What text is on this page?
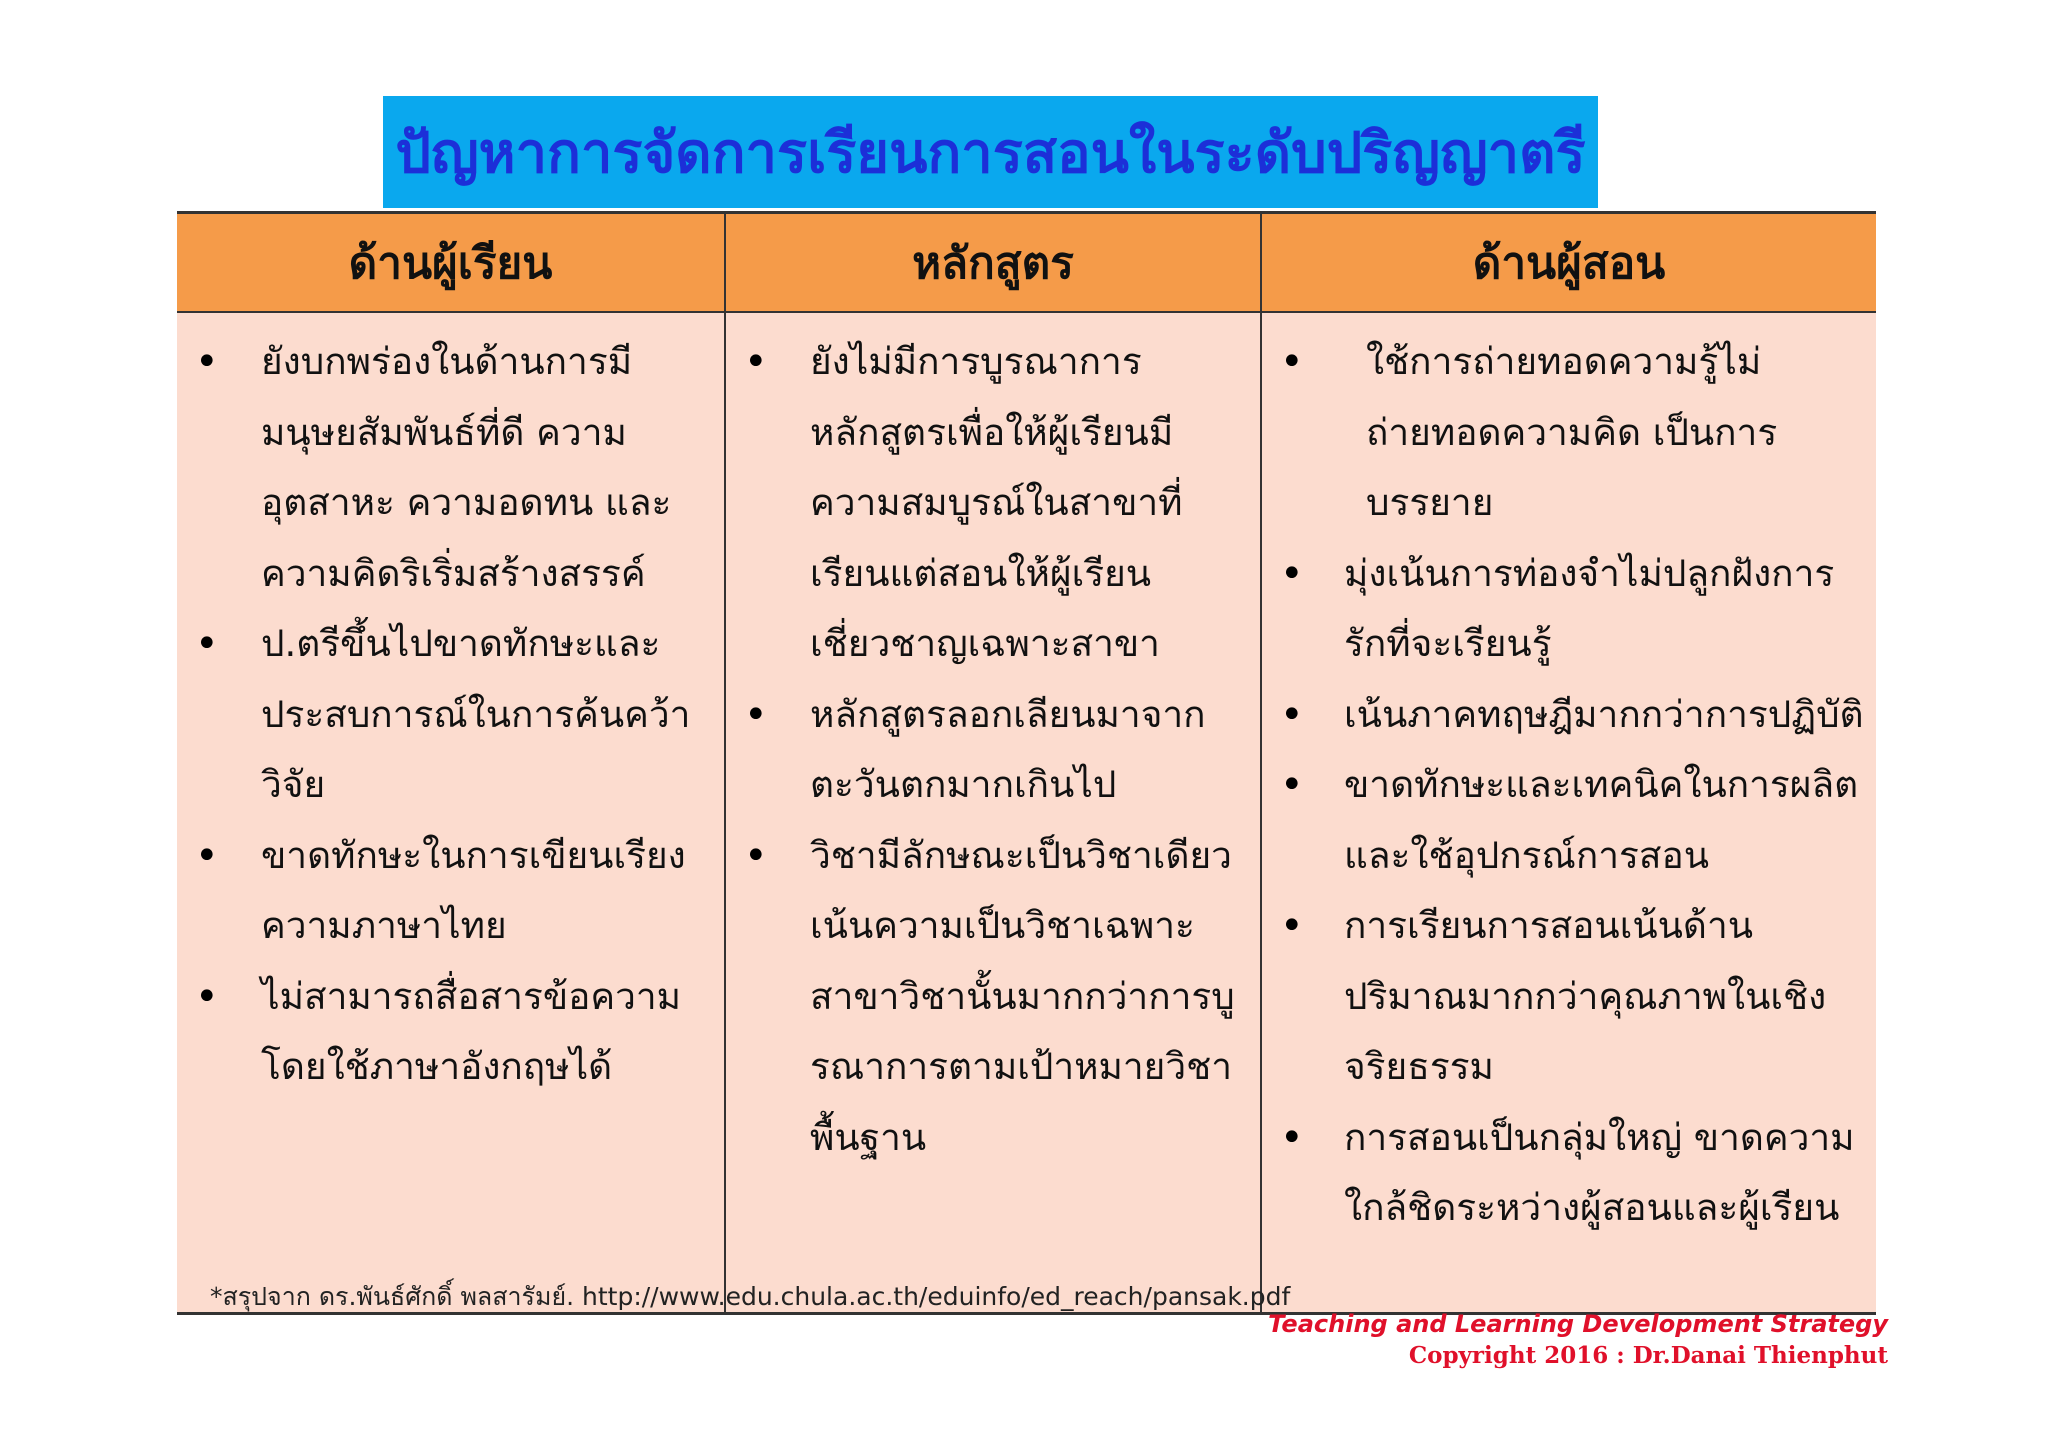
ปัญหาการจัดการเรียนการสอนในระดับปริญญาตรี
ด้านผู้เรียน
• ยังบกพร่องในด้านการมีมนุษยสัมพันธ์ที่ดี ความอุตสาหะ ความอดทน และความคิดริเริ่มสร้างสรรค์
• ป.ตรีขึ้นไปขาดทักษะและประสบการณ์ในการค้นคว้าวิจัย
• ขาดทักษะในการเขียนเรียงความภาษาไทย
• ไม่สามารถสื่อสารข้อความโดยใช้ภาษาอังกฤษได้
หลักสูตร
• ยังไม่มีการบูรณาการหลักสูตรเพื่อให้ผู้เรียนมีความสมบูรณ์ในสาขาที่เรียนแต่สอนให้ผู้เรียนเชี่ยวชาญเฉพาะสาขา
• หลักสูตรลอกเลียนมาจากตะวันตกมากเกินไป
• วิชามีลักษณะเป็นวิชาเดียวเน้นความเป็นวิชาเฉพาะสาขาวิชานั้นมากกว่าการบูรณาการตามเป้าหมายวิชาพื้นฐาน
ด้านผู้สอน
• ใช้การถ่ายทอดความรู้ไม่ถ่ายทอดความคิด เป็นการบรรยาย
• มุ่งเน้นการท่องจำไม่ปลูกฝังการรักที่จะเรียนรู้
• เน้นภาคทฤษฎีมากกว่าการปฏิบัติ
• ขาดทักษะและเทคนิคในการผลิตและใช้อุปกรณ์การสอน
• การเรียนการสอนเน้นด้านปริมาณมากกว่าคุณภาพในเชิงจริยธรรม
• การสอนเป็นกลุ่มใหญ่ ขาดความใกล้ชิดระหว่างผู้สอนและผู้เรียน
*สรุปจาก ดร.พันธ์ศักดิ์ พลสารัมย์. http://www.edu.chula.ac.th/eduinfo/ed_reach/pansak.pdf
Teaching and Learning Development Strategy
Copyright 2016 : Dr.Danai Thienphut
